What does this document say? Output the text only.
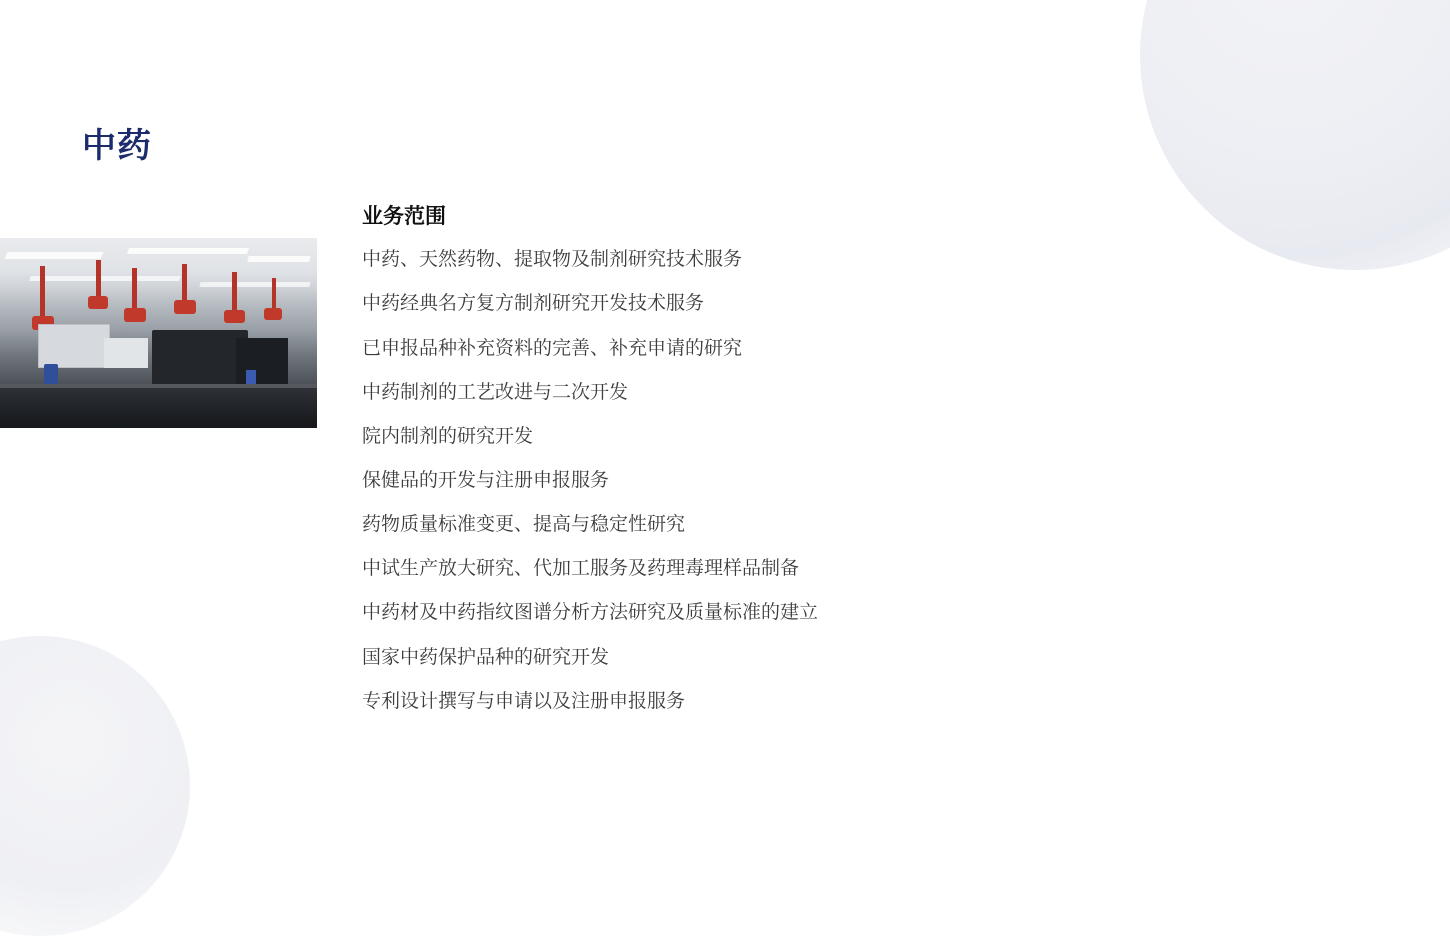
中药
业务范围
中药、天然药物、提取物及制剂研究技术服务
中药经典名方复方制剂研究开发技术服务
已申报品种补充资料的完善、补充申请的研究
中药制剂的工艺改进与二次开发
院内制剂的研究开发
保健品的开发与注册申报服务
药物质量标准变更、提高与稳定性研究
中试生产放大研究、代加工服务及药理毒理样品制备
中药材及中药指纹图谱分析方法研究及质量标准的建立
国家中药保护品种的研究开发
专利设计撰写与申请以及注册申报服务
